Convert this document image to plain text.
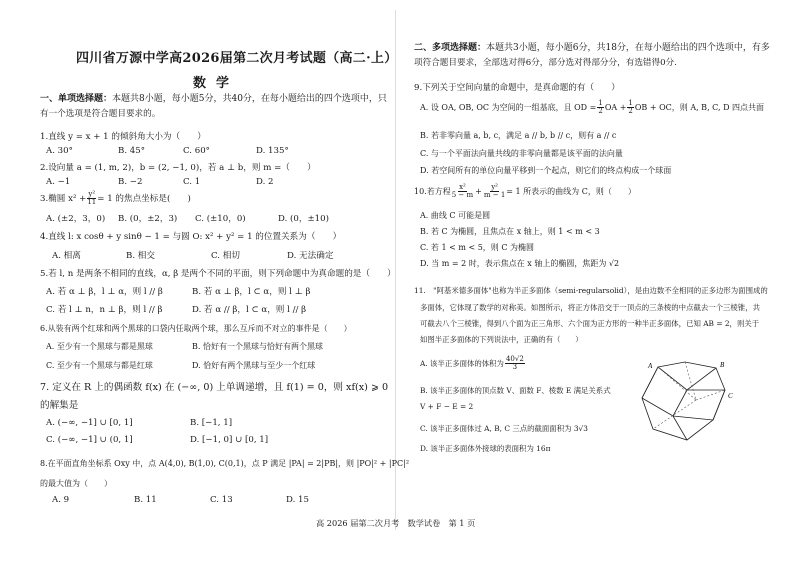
四川省万源中学高2026届第二次月考试题（高二·上）
数学
一、单项选择题：本题共8小题，每小题5分，共40分，在每小题给出的四个选项中，只
有一个选项是符合题目要求的。
1.直线 y = x + 1 的倾斜角大小为（　　）
A. 30°	B. 45°	C. 60°	D. 135°
2.设向量 a = (1, m, 2)，b = (2, −1, 0)，若 a ⊥ b，则 m =（　　）
A. −1	B. −2	C. 1	D. 2
3.椭圆 $x^2 + \frac{\text{y²}}{11} = 1$ 的焦点坐标是(　　)
A. (±2，3，0) B. (0，±2，3) C. (±10，0)	D. (0，±10)
4.直线 l: x cosθ + y sinθ − 1 = 与圆 O: x² + y² = 1 的位置关系为（　　）
A. 相离	B. 相交	C. 相切	D. 无法确定
5.若 l, n 是两条不相同的直线，α, β 是两个不同的平面，则下列命题中为真命题的是（　　）
A. 若 α ⊥ β，l ⊥ α，则 l // β	B. 若 α ⊥ β，l ⊂ α，则 l ⊥ β
C. 若 l ⊥ n，n ⊥ β，则 l // β	D. 若 α // β，l ⊂ α，则 l // β
6.从装有两个红球和两个黑球的口袋内任取两个球，那么互斥而不对立的事件是（　　）
A. 至少有一个黑球与都是黑球	B. 恰好有一个黑球与恰好有两个黑球
C. 至少有一个黑球与都是红球	D. 恰好有两个黑球与至少一个红球
7. 定义在 R 上的偶函数 f(x) 在 (−∞, 0) 上单调递增，且 f(1) = 0，则 xf(x) ⩾ 0
的解集是
A. (−∞, −1] ∪ [0, 1]	B. [−1, 1]
C. (−∞, −1] ∪ (0, 1]	D. [−1, 0] ∪ [0, 1]
8.在平面直角坐标系 Oxy 中，点 A(4,0), B(1,0), C(0,1)，点 P 满足 |PA| = 2|PB|，则 |PO|² + |PC|²
的最大值为（　　）
A. 9	B. 11	C. 13	D. 15
二、多项选择题：本题共3小题，每小题6分，共18分，在每小题给出的四个选项中，有多
项符合题目要求，全部选对得6分，部分选对得部分分，有选错得0分.
9.下列关于空间向量的命题中，是真命题的有（　　）
A. 设 OA, OB, OC 为空间的一组基底，且 OD = $\frac{1}{2}$ OA + $\frac{1}{2}$ OB + OC，则 A, B, C, D 四点共面
B. 若非零向量 a, b, c，满足 a // b, b // c，则有 a // c
C. 与一个平面法向量共线的非零向量都是该平面的法向量
D. 若空间所有的单位向量平移到一个起点，则它们的终点构成一个球面
10.若方程 $\frac{\text{x²}}{5 - m} + \frac{\text{y²}}{m - 1} = 1$ 所表示的曲线为 C，则（　　）
A. 曲线 C 可能是圆
B. 若 C 为椭圆，且焦点在 x 轴上，则 1 < m < 3
C. 若 1 < m < 5，则 C 为椭圆
D. 当 m = 2 时，表示焦点在 x 轴上的椭圆，焦距为 √2
11.　"阿基米德多面体"也称为半正多面体（semi-regularsolid），是由边数不全相同的正多边形为面围成的
多面体，它体现了数学的对称美。如图所示，将正方体沿交于一顶点的三条棱的中点截去一个三棱锥，共
可截去八个三棱锥，得到八个面为正三角形、六个面为正方形的一种半正多面体，已知 AB = 2，则关于
如图半正多面体的下列说法中，正确的有（　　）
A. 该半正多面体的体积为 $\frac{40√2}{3}$
B. 该半正多面体的顶点数 V、面数 F、棱数 E 满足关系式
V + F − E = 2
C. 该半正多面体过 A, B, C 三点的截面面积为 3√3
D. 该半正多面体外接球的表面积为 16π
A	B
C
高 2026 届第二次月考　数学试卷　第 1 页
